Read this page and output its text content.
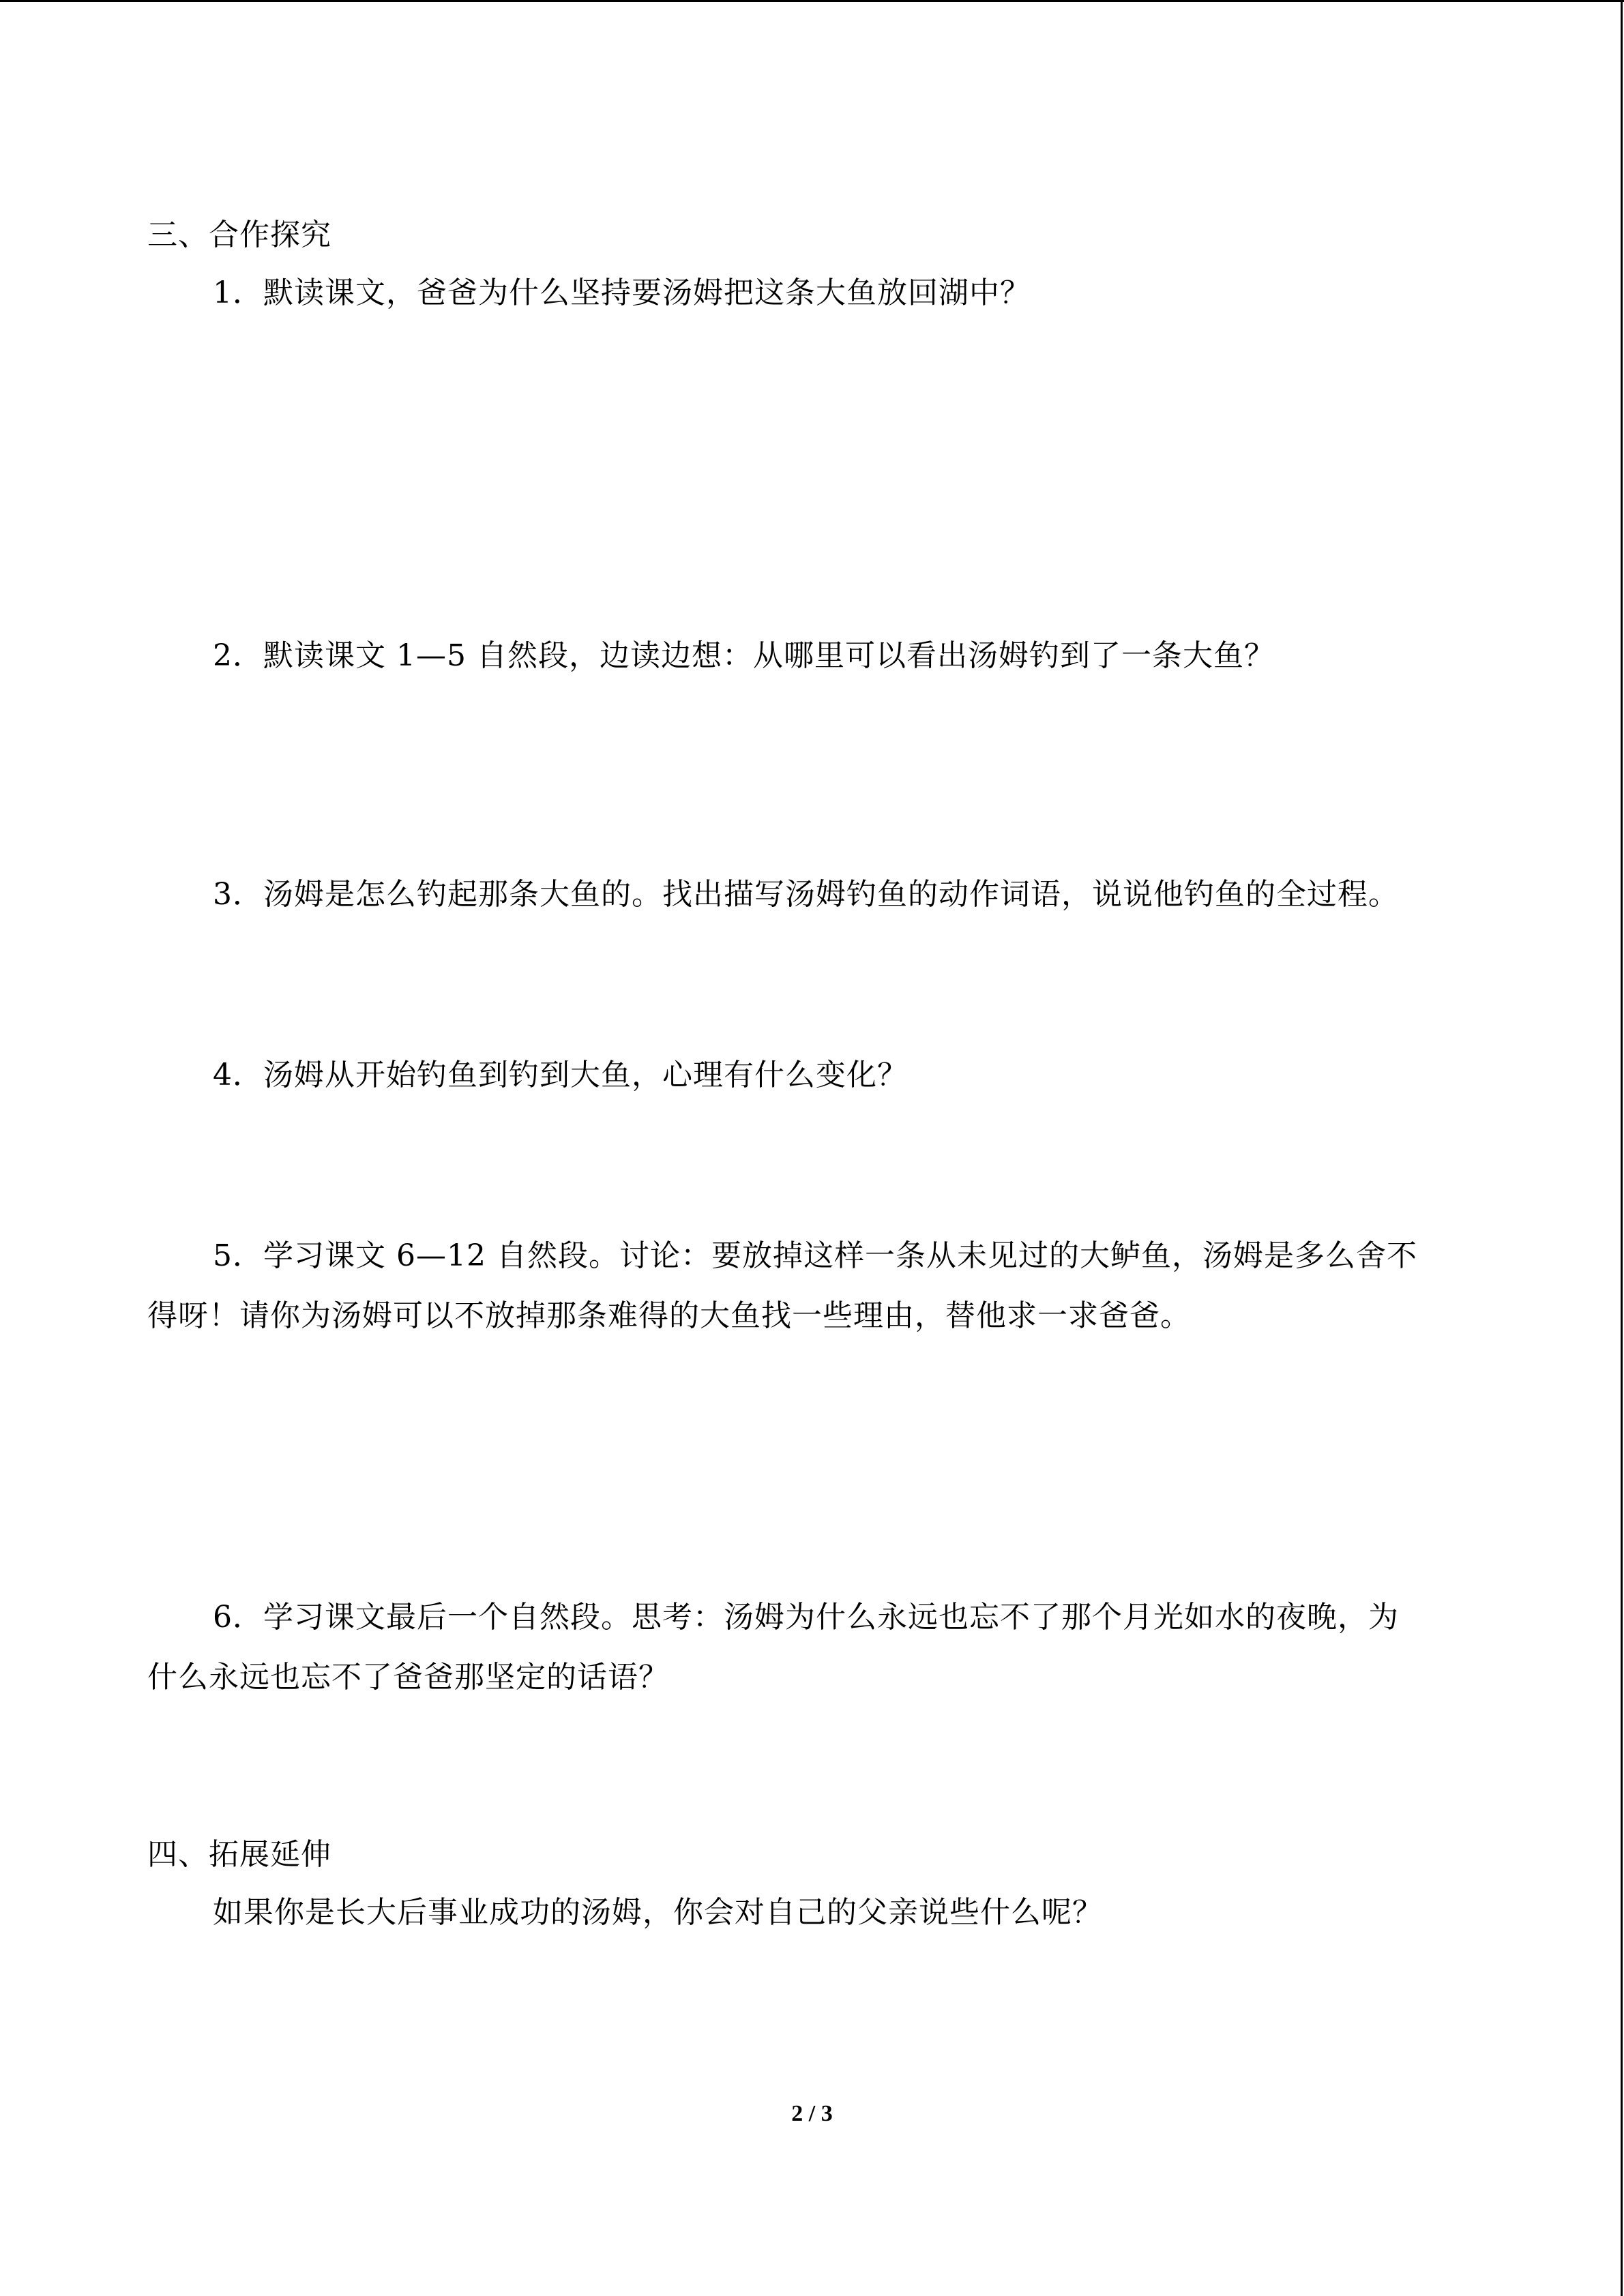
三、合作探究
1．默读课文，爸爸为什么坚持要汤姆把这条大鱼放回湖中？
2．默读课文 1—5 自然段，边读边想：从哪里可以看出汤姆钓到了一条大鱼？
3．汤姆是怎么钓起那条大鱼的。找出描写汤姆钓鱼的动作词语，说说他钓鱼的全过程。
4．汤姆从开始钓鱼到钓到大鱼，心理有什么变化？
5．学习课文 6—12 自然段。讨论：要放掉这样一条从未见过的大鲈鱼，汤姆是多么舍不
得呀！请你为汤姆可以不放掉那条难得的大鱼找一些理由，替他求一求爸爸。
6．学习课文最后一个自然段。思考：汤姆为什么永远也忘不了那个月光如水的夜晚，为
什么永远也忘不了爸爸那坚定的话语？
四、拓展延伸
如果你是长大后事业成功的汤姆，你会对自己的父亲说些什么呢？
2 / 3
